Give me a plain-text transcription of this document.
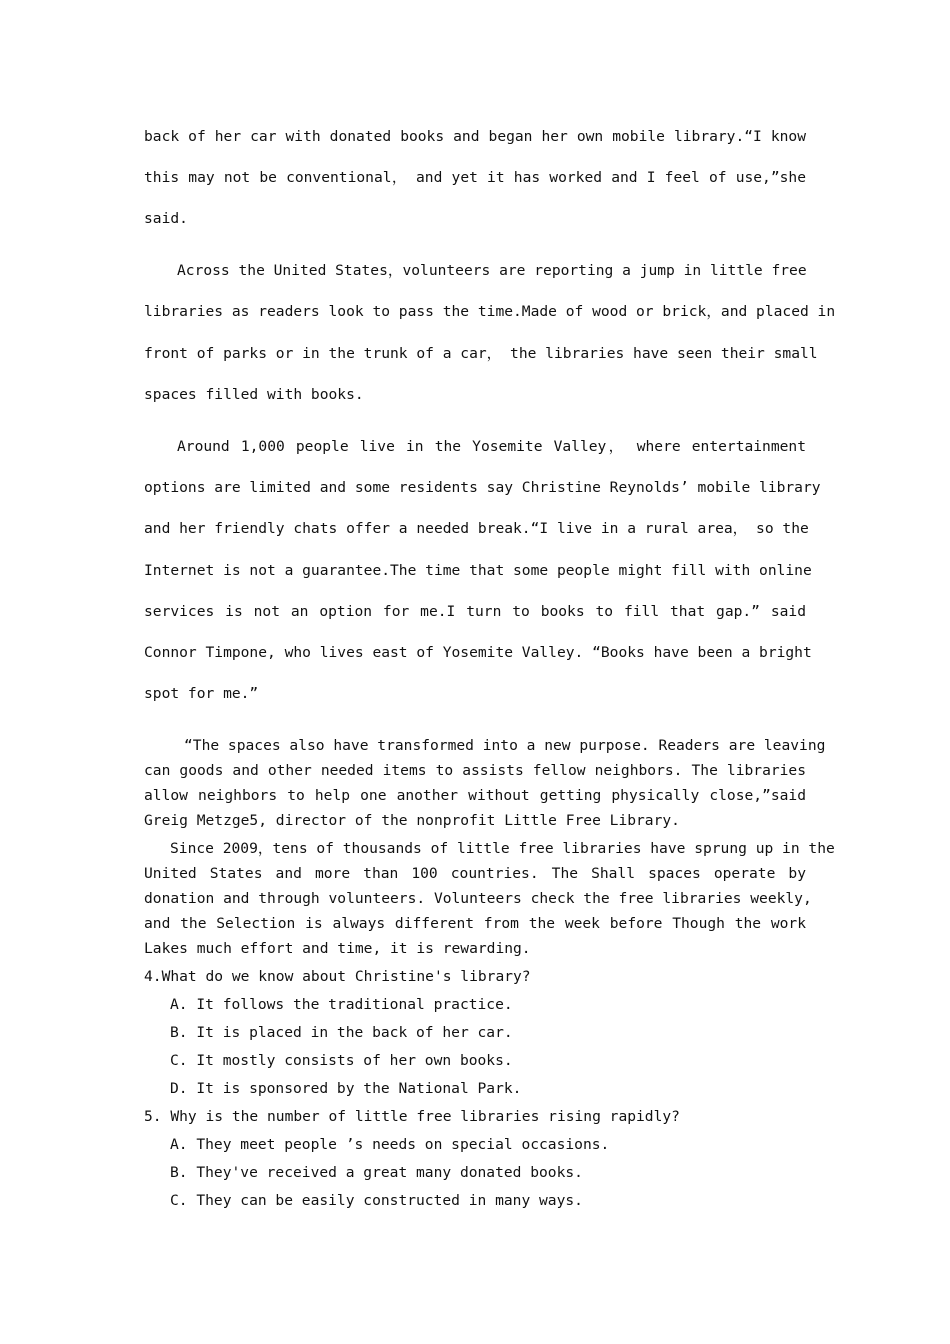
back of her car with donated books and began her own mobile library.“I know
this may not be conventional， and yet it has worked and I feel of use,”she
said.
Across the United States，volunteers are reporting a jump in little free
libraries as readers look to pass the time.Made of wood or brick，and placed in
front of parks or in the trunk of a car， the libraries have seen their small
spaces filled with books.
Around 1,000 people live in the Yosemite Valley， where entertainment
options are limited and some residents say Christine Reynolds’ mobile library
and her friendly chats offer a needed break.“I live in a rural area， so the
Internet is not a guarantee.The time that some people might fill with online
services is not an option for me.I turn to books to fill that gap.” said
Connor Timpone, who lives east of Yosemite Valley. “Books have been a bright
spot for me.”
“The spaces also have transformed into a new purpose. Readers are leaving
can goods and other needed items to assists fellow neighbors. The libraries
allow neighbors to help one another without getting physically close,”said
Greig Metzge5, director of the nonprofit Little Free Library.
Since 2009，tens of thousands of little free libraries have sprung up in the
United States and more than 100 countries. The Shall spaces operate by
donation and through volunteers. Volunteers check the free libraries weekly,
and the Selection is always different from the week before Though the work
Lakes much effort and time, it is rewarding.
4.What do we know about Christine's library?
A. It follows the traditional practice.
B. It is placed in the back of her car.
C. It mostly consists of her own books.
D. It is sponsored by the National Park.
5. Why is the number of little free libraries rising rapidly?
A. They meet people ’s needs on special occasions.
B. They've received a great many donated books.
C. They can be easily constructed in many ways.
